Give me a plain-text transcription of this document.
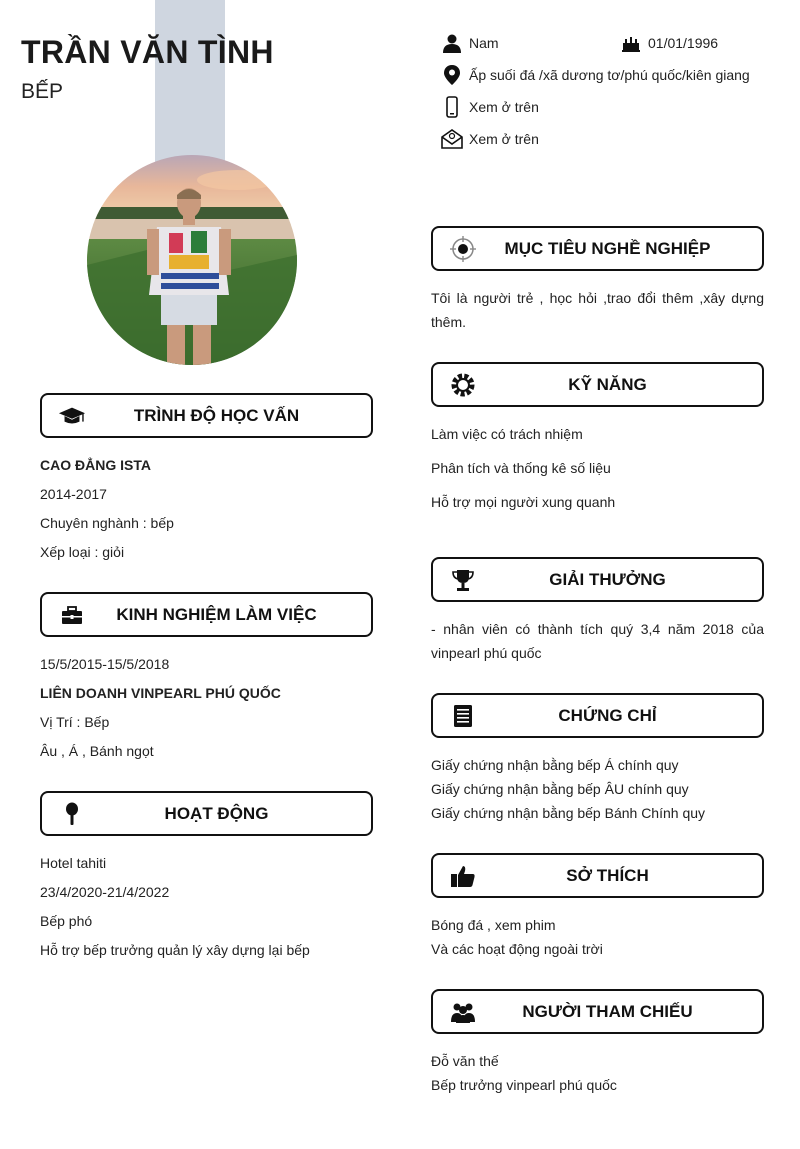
TRẦN VĂN TÌNH
BẾP
Nam	01/01/1996
Ấp suối đá /xã dương tơ/phú quốc/kiên giang
Xem ở trên
Xem ở trên
TRÌNH ĐỘ HỌC VẤN
CAO ĐẲNG ISTA
2014-2017
Chuyên nghành : bếp
Xếp loại : giỏi
KINH NGHIỆM LÀM VIỆC
15/5/2015-15/5/2018
LIÊN DOANH VINPEARL PHÚ QUỐC
Vị Trí : Bếp
Âu , Á , Bánh ngọt
HOẠT ĐỘNG
Hotel tahiti
23/4/2020-21/4/2022
Bếp phó
Hỗ trợ bếp trưởng quản lý xây dựng lại bếp
MỤC TIÊU NGHỀ NGHIỆP
Tôi là người trẻ , học hỏi ,trao đổi thêm ,xây dựng thêm.
KỸ NĂNG
Làm việc có trách nhiệm
Phân tích và thống kê số liệu
Hỗ trợ mọi người xung quanh
GIẢI THƯỞNG
- nhân viên có thành tích quý 3,4 năm 2018 của vinpearl phú quốc
CHỨNG CHỈ
Giấy chứng nhận bằng bếp Á chính quy
Giấy chứng nhận bằng bếp ÂU chính quy
Giấy chứng nhận bằng bếp Bánh Chính quy
SỞ THÍCH
Bóng đá , xem phim
Và các hoạt động ngoài trời
NGƯỜI THAM CHIẾU
Đỗ văn thế
Bếp trưởng vinpearl phú quốc
